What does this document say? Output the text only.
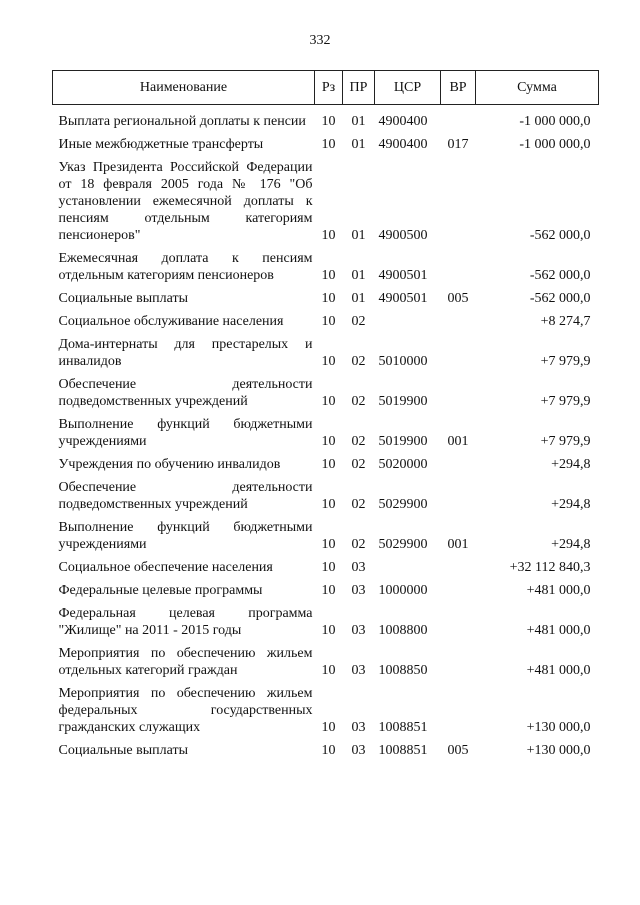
332
Наименование	Рз	ПР	ЦСР	ВР	Сумма
Выплата региональной доплаты к пенсии	10	01	4900400		-1 000 000,0
Иные межбюджетные трансферты	10	01	4900400	017	-1 000 000,0
Указ Президента Российской Федерации от 18 февраля 2005 года № 176 "Об установлении ежемесячной доплаты к пенсиям отдельным категориям пенсионеров"	10	01	4900500		-562 000,0
Ежемесячная доплата к пенсиям отдельным категориям пенсионеров	10	01	4900501		-562 000,0
Социальные выплаты	10	01	4900501	005	-562 000,0
Социальное обслуживание населения	10	02			+8 274,7
Дома-интернаты для престарелых и инвалидов	10	02	5010000		+7 979,9
Обеспечение деятельности подведомственных учреждений	10	02	5019900		+7 979,9
Выполнение функций бюджетными учреждениями	10	02	5019900	001	+7 979,9
Учреждения по обучению инвалидов	10	02	5020000		+294,8
Обеспечение деятельности подведомственных учреждений	10	02	5029900		+294,8
Выполнение функций бюджетными учреждениями	10	02	5029900	001	+294,8
Социальное обеспечение населения	10	03			+32 112 840,3
Федеральные целевые программы	10	03	1000000		+481 000,0
Федеральная целевая программа "Жилище" на 2011 - 2015 годы	10	03	1008800		+481 000,0
Мероприятия по обеспечению жильем отдельных категорий граждан	10	03	1008850		+481 000,0
Мероприятия по обеспечению жильем федеральных государственных гражданских служащих	10	03	1008851		+130 000,0
Социальные выплаты	10	03	1008851	005	+130 000,0
